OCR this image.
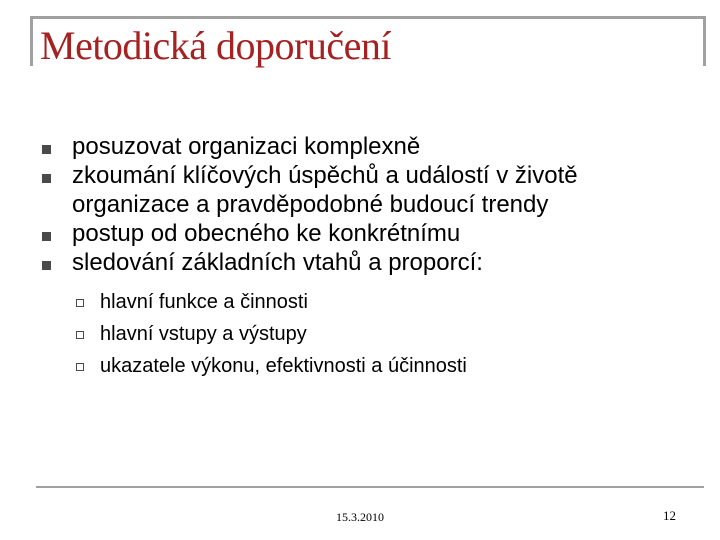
Metodická doporučení
posuzovat organizaci komplexně
zkoumání klíčových úspěchů a událostí v životě organizace a pravděpodobné budoucí trendy
postup od obecného ke konkrétnímu
sledování základních vtahů a proporcí:
hlavní funkce a činnosti
hlavní vstupy a výstupy
ukazatele výkonu, efektivnosti a účinnosti
15.3.2010	12
